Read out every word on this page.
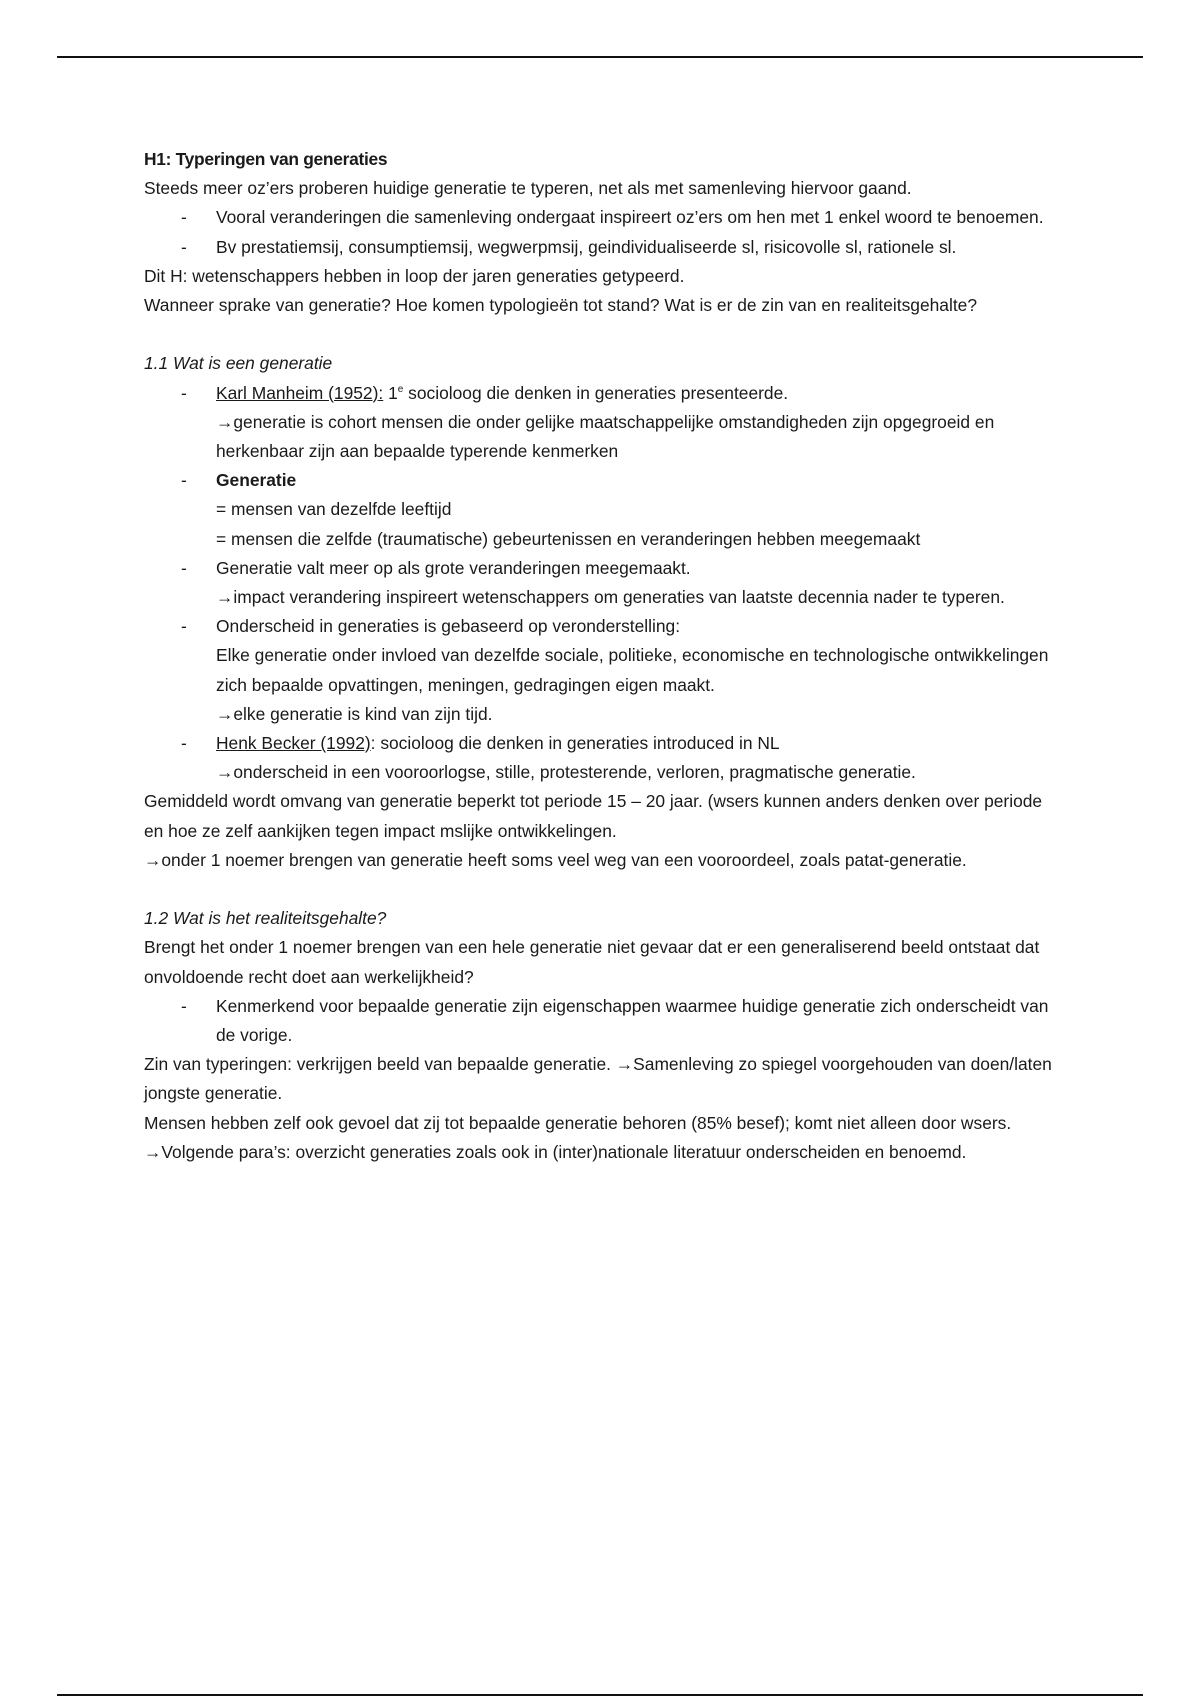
H1: Typeringen van generaties

Steeds meer oz’ers proberen huidige generatie te typeren, net als met samenleving hiervoor gaand.

- Vooral veranderingen die samenleving ondergaat inspireert oz’ers om hen met 1 enkel woord te benoemen.
- Bv prestatiemsij, consumptiemsij, wegwerpmsij, geindividualiseerde sl, risicovolle sl, rationele sl.

Dit H: wetenschappers hebben in loop der jaren generaties getypeerd.

Wanneer sprake van generatie? Hoe komen typologieën tot stand? Wat is er de zin van en realiteitsgehalte?

1.1 Wat is een generatie

- Karl Manheim (1952): 1e socioloog die denken in generaties presenteerde.
→generatie is cohort mensen die onder gelijke maatschappelijke omstandigheden zijn opgegroeid en herkenbaar zijn aan bepaalde typerende kenmerken
- Generatie
= mensen van dezelfde leeftijd
= mensen die zelfde (traumatische) gebeurtenissen en veranderingen hebben meegemaakt
- Generatie valt meer op als grote veranderingen meegemaakt.
→impact verandering inspireert wetenschappers om generaties van laatste decennia nader te typeren.
- Onderscheid in generaties is gebaseerd op veronderstelling:
Elke generatie onder invloed van dezelfde sociale, politieke, economische en technologische ontwikkelingen zich bepaalde opvattingen, meningen, gedragingen eigen maakt.
→elke generatie is kind van zijn tijd.
- Henk Becker (1992): socioloog die denken in generaties introduced in NL
→onderscheid in een vooroorlogse, stille, protesterende, verloren, pragmatische generatie.

Gemiddeld wordt omvang van generatie beperkt tot periode 15 – 20 jaar. (wsers kunnen anders denken over periode en hoe ze zelf aankijken tegen impact mslijke ontwikkelingen.

→onder 1 noemer brengen van generatie heeft soms veel weg van een vooroordeel, zoals patat-generatie.

1.2 Wat is het realiteitsgehalte?

Brengt het onder 1 noemer brengen van een hele generatie niet gevaar dat er een generaliserend beeld ontstaat dat onvoldoende recht doet aan werkelijkheid?

- Kenmerkend voor bepaalde generatie zijn eigenschappen waarmee huidige generatie zich onderscheidt van de vorige.

Zin van typeringen: verkrijgen beeld van bepaalde generatie. →Samenleving zo spiegel voorgehouden van doen/laten jongste generatie.

Mensen hebben zelf ook gevoel dat zij tot bepaalde generatie behoren (85% besef); komt niet alleen door wsers.

→Volgende para’s: overzicht generaties zoals ook in (inter)nationale literatuur onderscheiden en benoemd.
